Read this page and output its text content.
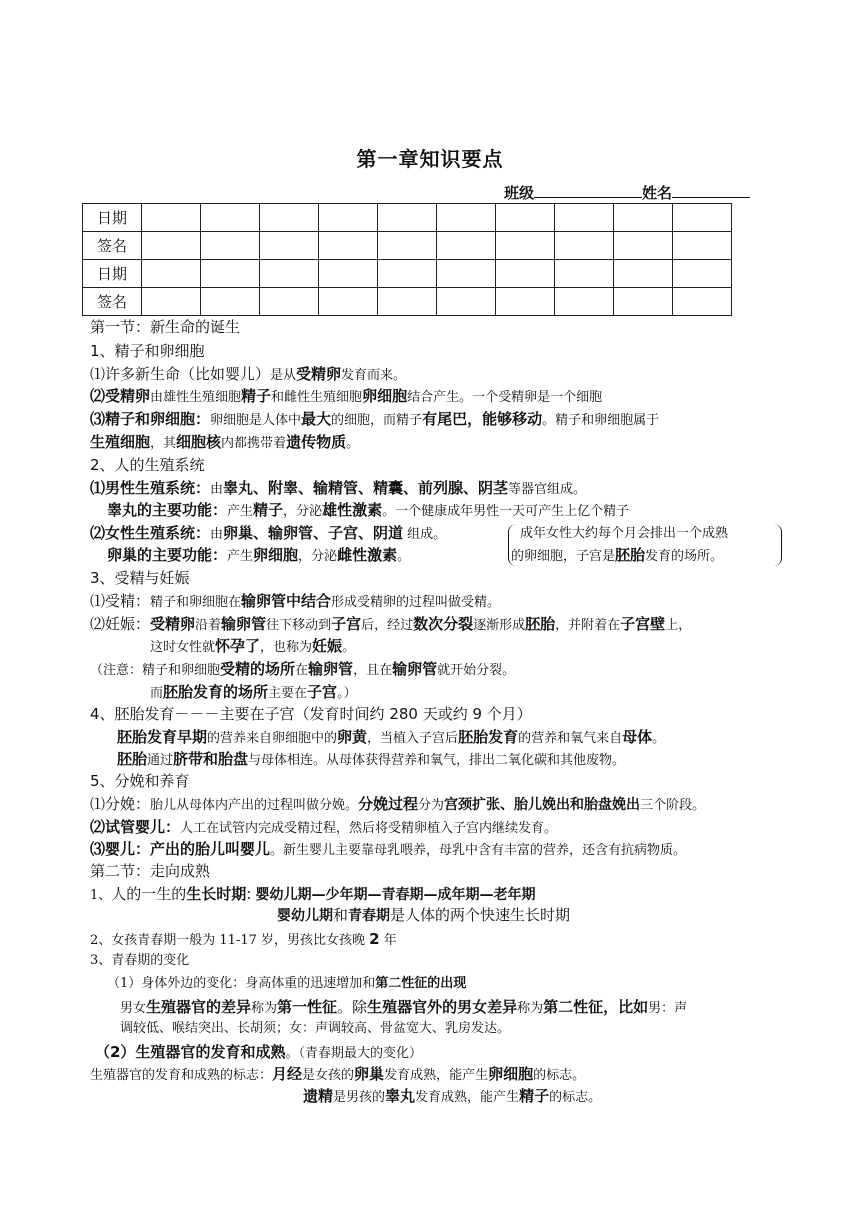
第一章知识要点
班级	姓名
日期										
签名										
日期										
签名										
第一节：新生命的诞生
1、精子和卵细胞
⑴许多新生命（比如婴儿）是从受精卵发育而来。
⑵受精卵由雄性生殖细胞精子和雌性生殖细胞卵细胞结合产生。一个受精卵是一个细胞
⑶精子和卵细胞：卵细胞是人体中最大的细胞，而精子有尾巴，能够移动。精子和卵细胞属于
生殖细胞，其细胞核内都携带着遗传物质。
2、人的生殖系统
⑴男性生殖系统：由睾丸、附睾、输精管、精囊、前列腺、阴茎等器官组成。
睾丸的主要功能：产生精子，分泌雄性激素。一个健康成年男性一天可产生上亿个精子
⑵女性生殖系统：由卵巢、输卵管、子宫、阴道 组成。
卵巢的主要功能：产生卵细胞，分泌雌性激素。
成年女性大约每个月会排出一个成熟
的卵细胞，子宫是胚胎发育的场所。
3、受精与妊娠
⑴受精：精子和卵细胞在输卵管中结合形成受精卵的过程叫做受精。
⑵妊娠：受精卵沿着输卵管往下移动到子宫后，经过数次分裂逐渐形成胚胎，并附着在子宫壁上，
这时女性就怀孕了，也称为妊娠。
（注意：精子和卵细胞受精的场所在输卵管，且在输卵管就开始分裂。
而胚胎发育的场所主要在子宫。）
4、胚胎发育－－－主要在子宫（发育时间约 280 天或约 9 个月）
胚胎发育早期的营养来自卵细胞中的卵黄，当植入子宫后胚胎发育的营养和氧气来自母体。
胚胎通过脐带和胎盘与母体相连。从母体获得营养和氧气，排出二氧化碳和其他废物。
5、分娩和养育
⑴分娩：胎儿从母体内产出的过程叫做分娩。分娩过程分为宫颈扩张、胎儿娩出和胎盘娩出三个阶段。
⑵试管婴儿：人工在试管内完成受精过程，然后将受精卵植入子宫内继续发育。
⑶婴儿：产出的胎儿叫婴儿。新生婴儿主要靠母乳喂养，母乳中含有丰富的营养，还含有抗病物质。
第二节：走向成熟
1、人的一生的生长时期: 婴幼儿期—少年期—青春期—成年期—老年期
婴幼儿期和青春期是人体的两个快速生长时期
2、女孩青春期一般为 11-17 岁，男孩比女孩晚 2 年
3、青春期的变化
（1）身体外边的变化：身高体重的迅速增加和第二性征的出现
男女生殖器官的差异称为第一性征。除生殖器官外的男女差异称为第二性征，比如男：声
调较低、喉结突出、长胡须；女：声调较高、骨盆宽大、乳房发达。
（2）生殖器官的发育和成熟。（青春期最大的变化）
生殖器官的发育和成熟的标志：月经是女孩的卵巢发育成熟，能产生卵细胞的标志。
遗精是男孩的睾丸发育成熟，能产生精子的标志。
